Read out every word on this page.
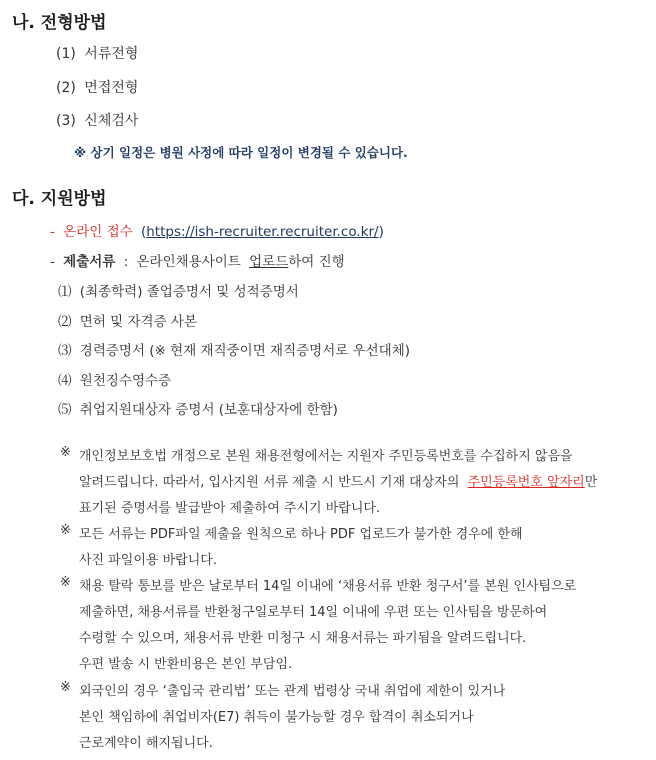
나. 전형방법
(1) 서류전형
(2) 면접전형
(3) 신체검사
※ 상기 일정은 병원 사정에 따라 일정이 변경될 수 있습니다.
다. 지원방법
- 온라인 접수 (https://ish-recruiter.recruiter.co.kr/)
- 제출서류 : 온라인채용사이트 업로드하여 진행
⑴ (최종학력) 졸업증명서 및 성적증명서
⑵ 면허 및 자격증 사본
⑶ 경력증명서 (※ 현재 재직중이면 재직증명서로 우선대체)
⑷ 원천징수영수증
⑸ 취업지원대상자 증명서 (보훈대상자에 한함)
※ 개인정보보호법 개정으로 본원 채용전형에서는 지원자 주민등록번호를 수집하지 않음을
알려드립니다. 따라서, 입사지원 서류 제출 시 반드시 기재 대상자의 주민등록번호 앞자리만
표기된 증명서를 발급받아 제출하여 주시기 바랍니다.
※ 모든 서류는 PDF파일 제출을 원칙으로 하나 PDF 업로드가 불가한 경우에 한해
사진 파일이용 바랍니다.
※ 채용 탈락 통보를 받은 날로부터 14일 이내에 ‘채용서류 반환 청구서’를 본원 인사팀으로
제출하면, 채용서류를 반환청구일로부터 14일 이내에 우편 또는 인사팀을 방문하여
수령할 수 있으며, 채용서류 반환 미청구 시 채용서류는 파기됨을 알려드립니다.
우편 발송 시 반환비용은 본인 부담임.
※ 외국인의 경우 ‘출입국 관리법’ 또는 관계 법령상 국내 취업에 제한이 있거나
본인 책임하에 취업비자(E7) 취득이 불가능할 경우 합격이 취소되거나
근로계약이 해지됩니다.
